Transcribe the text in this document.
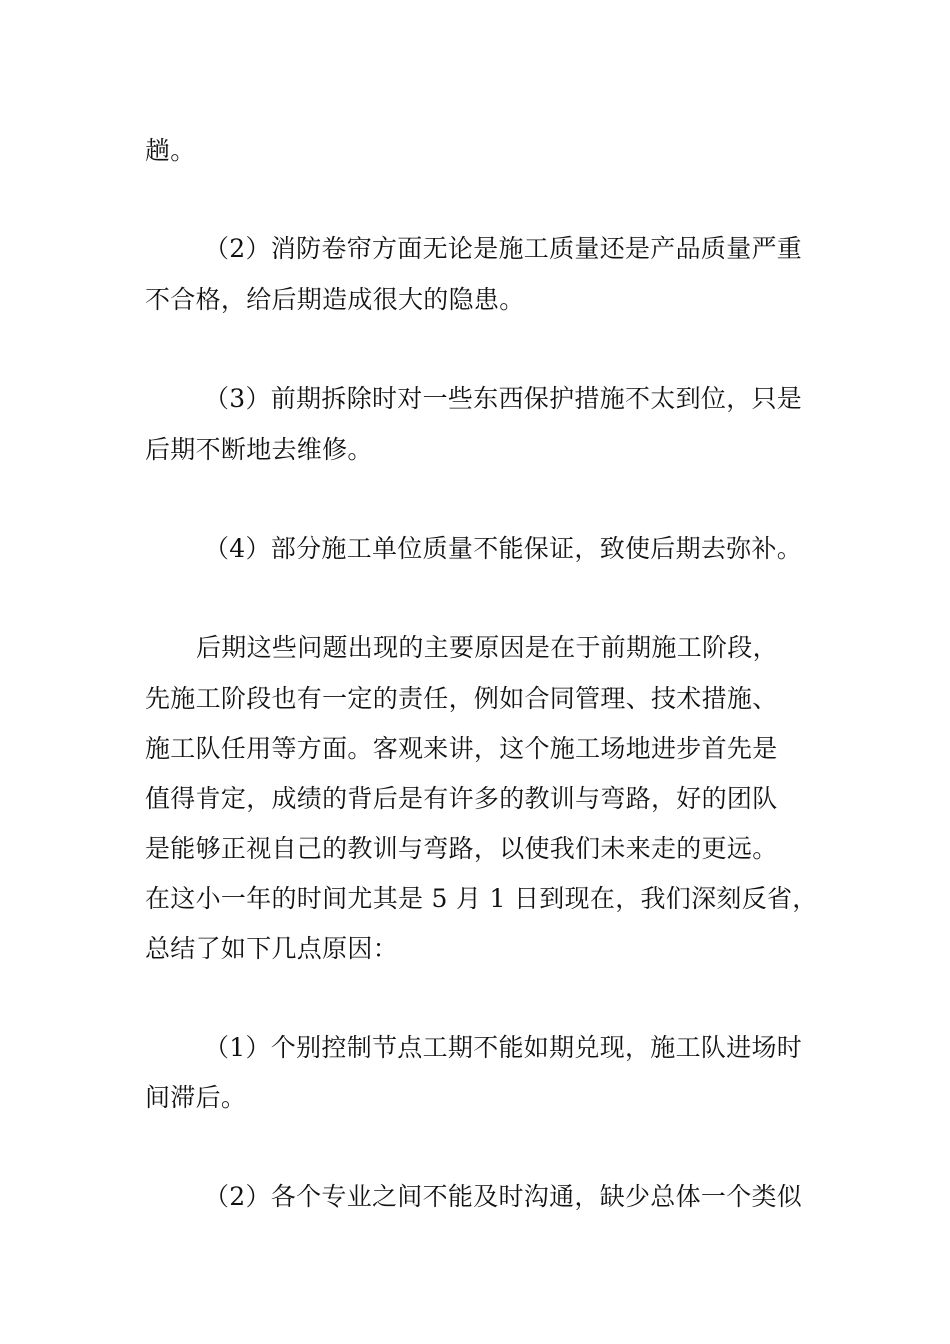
趟。
（2）消防卷帘方面无论是施工质量还是产品质量严重
不合格，给后期造成很大的隐患。
（3）前期拆除时对一些东西保护措施不太到位，只是
后期不断地去维修。
（4）部分施工单位质量不能保证，致使后期去弥补。
后期这些问题出现的主要原因是在于前期施工阶段，
先施工阶段也有一定的责任，例如合同管理、技术措施、
施工队任用等方面。客观来讲，这个施工场地进步首先是
值得肯定，成绩的背后是有许多的教训与弯路，好的团队
是能够正视自己的教训与弯路，以使我们未来走的更远。
在这小一年的时间尤其是 5 月 1 日到现在，我们深刻反省，
总结了如下几点原因：
（1）个别控制节点工期不能如期兑现，施工队进场时
间滞后。
（2）各个专业之间不能及时沟通，缺少总体一个类似
